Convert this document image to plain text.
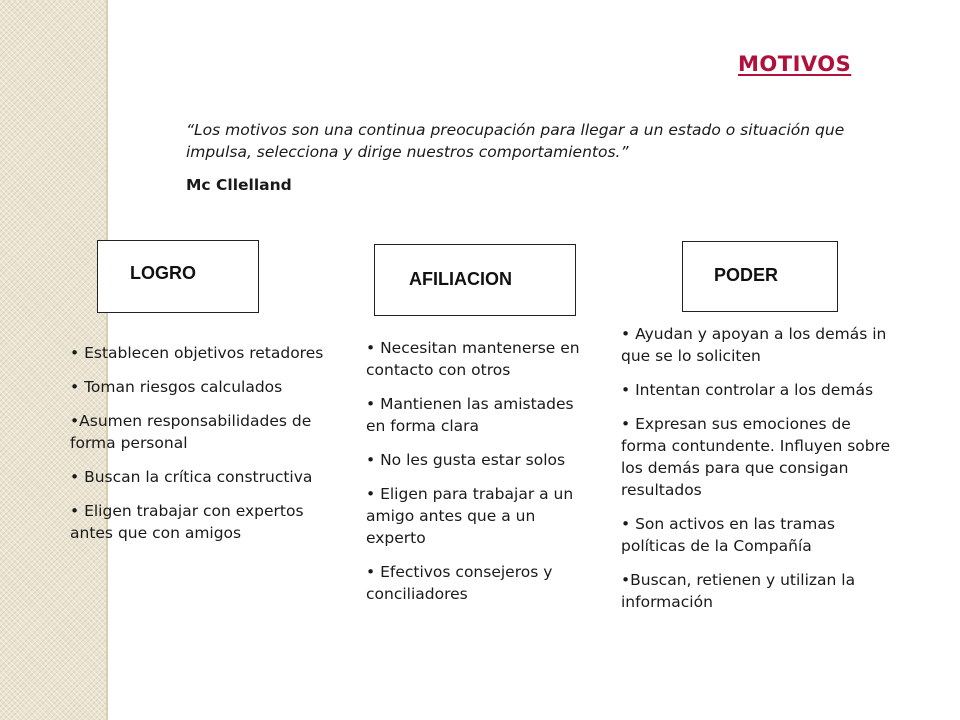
MOTIVOS
“Los motivos son una continua preocupación para llegar a un estado o situación que impulsa, selecciona y dirige nuestros comportamientos.”
Mc Cllelland
LOGRO	AFILIACION	PODER

• Establecen objetivos retadores

• Toman riesgos calculados

•Asumen responsabilidades de forma personal

• Buscan la crítica constructiva

• Eligen trabajar con expertos antes que con amigos

• Necesitan mantenerse en contacto con otros

• Mantienen las amistades en forma clara

• No les gusta estar solos

• Eligen para trabajar a un amigo antes que a un experto

• Efectivos consejeros y conciliadores

• Ayudan y apoyan a los demás in que se lo soliciten

• Intentan controlar a los demás

• Expresan sus emociones de forma contundente. Influyen sobre los demás para que consigan resultados

• Son activos en las tramas políticas de la Compañía

•Buscan, retienen y utilizan la información
